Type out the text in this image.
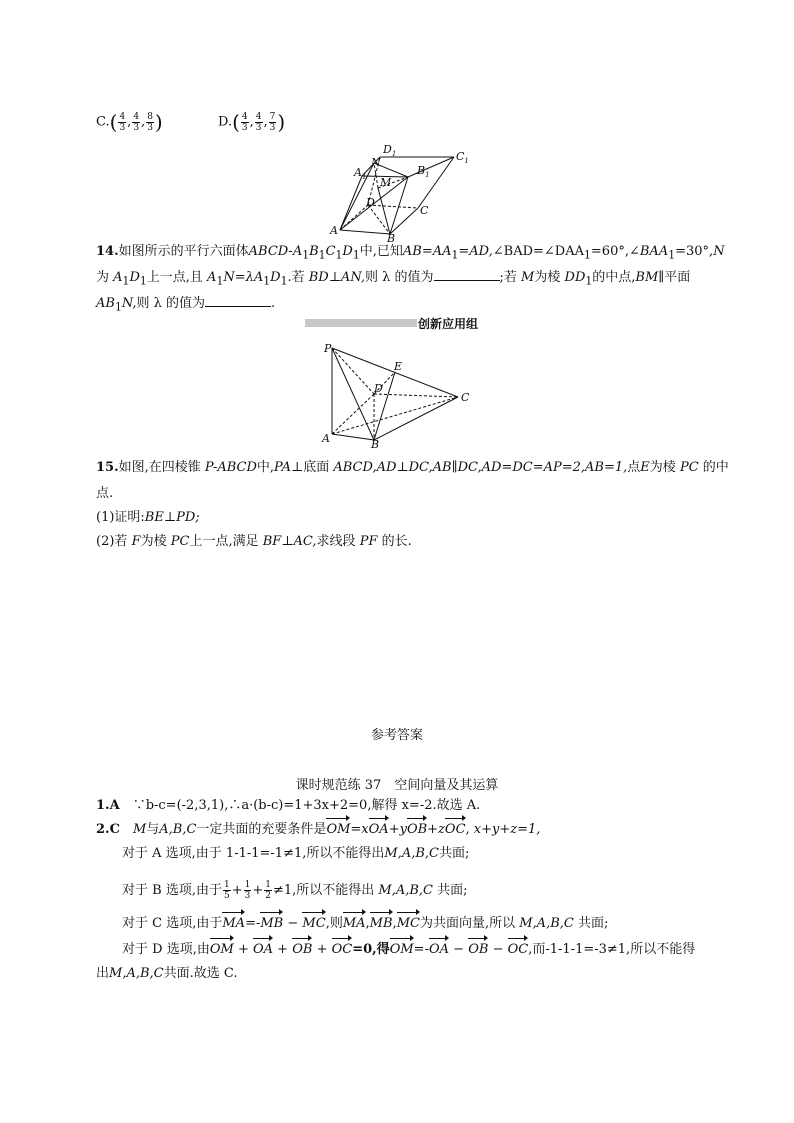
$C.( \frac{4}{3}$ , $\frac{4}{3}$ , $\frac{8}{3}$ )	$D.( \frac{4}{3}$ , $\frac{4}{3}$ , $\frac{7}{3}$ )
$D_1$	$C_1$
N
$B_1$
$A_1$ M
D
C
A
B
14.如图所示的平行六面体ABCD-$A_1B_1C_1D_1$中,已知$AB=AA_1=AD,\angle BAD=\angle DAA_1=60^\circ,\angle BAA_1=30^\circ,N$
为 $A_1D_1$上一点,且 $A_1N=\lambda A_1D_1$.若 BD⊥AN,则 λ 的值为	;若 M为棱 $DD_1$的中点,BM∥平面
$AB_1N$,则 λ 的值为	.
创新应用组
P
E
D
C
A	B
15.如图,在四棱锥 P-ABCD中,PA⊥底面 ABCD,AD⊥DC,AB∥DC,AD=DC=AP=2,AB=1,点E为棱 PC 的中
点.
(1)证明:BE⊥PD;
(2)若 F为棱 PC上一点,满足 BF⊥AC,求线段 PF 的长.
参考答案
课时规范练 37　空间向量及其运算
1.A　 ∵b-c=(-2,3,1),∴a·(b-c)=1+3x+2=0,解得 x=-2.故选 A.
2.C　 M与A,B,C一定共面的充要条件是OM=xOA+yOB+zOC, x+y+z=1,
对于 A 选项,由于 1-1-1=-1≠1,所以不能得出M,A,B,C共面;
对于 B 选项,由于 $\frac{1}{5} + \frac{1}{3} + \frac{1}{2} \ne 1$,所以不能得出 M,A,B,C 共面;
对于 C 选项,由于MA=-MB − MC,则MA,MB,MC为共面向量,所以 M,A,B,C 共面;
对于 D 选项,由OM + OA + OB + OC=0,得OM=-OA − OB − OC,而-1-1-1=-3≠1,所以不能得
出M,A,B,C共面.故选 C.
